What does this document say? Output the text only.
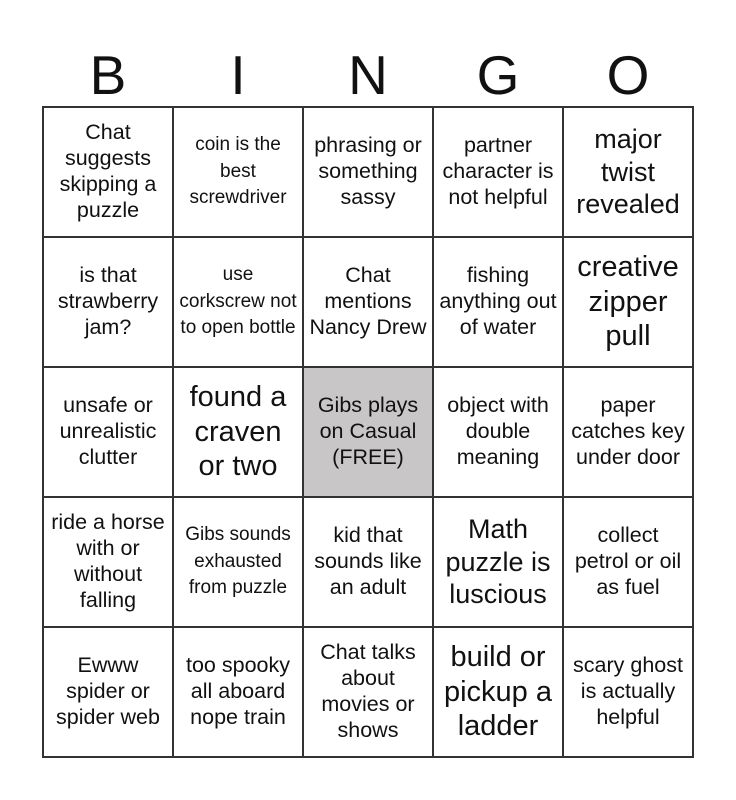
B	I	N	G	O
Chat suggests skipping a puzzle
coin is the best screwdriver
phrasing or something sassy
partner character is not helpful
major twist revealed
is that strawberry jam?
use corkscrew not to open bottle
Chat mentions Nancy Drew
fishing anything out of water
creative zipper pull
unsafe or unrealistic clutter
found a craven or two
Gibs plays on Casual (FREE)
object with double meaning
paper catches key under door
ride a horse with or without falling
Gibs sounds exhausted from puzzle
kid that sounds like an adult
Math puzzle is luscious
collect petrol or oil as fuel
Ewww spider or spider web
too spooky all aboard nope train
Chat talks about movies or shows
build or pickup a ladder
scary ghost is actually helpful
